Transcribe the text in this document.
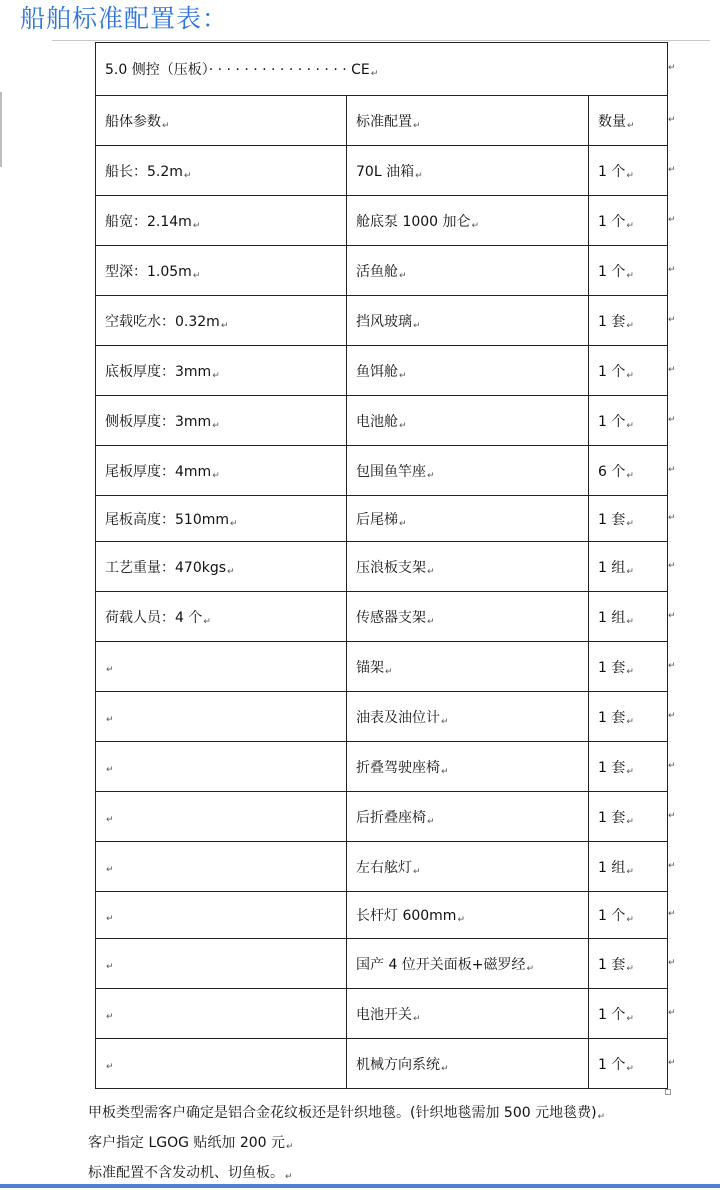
船舶标准配置表：
5.0 侧控（压板）· · · · · · · · · · · · · · · · CE↵		
船体参数↵	标准配置↵	数量↵
船长：5.2m↵	70L 油箱↵	1 个↵
船宽：2.14m↵	舱底泵 1000 加仑↵	1 个↵
型深：1.05m↵	活鱼舱↵	1 个↵
空载吃水：0.32m↵	挡风玻璃↵	1 套↵
底板厚度：3mm↵	鱼饵舱↵	1 个↵
侧板厚度：3mm↵	电池舱↵	1 个↵
尾板厚度：4mm↵	包围鱼竿座↵	6 个↵
尾板高度：510mm↵	后尾梯↵	1 套↵
工艺重量：470kgs↵	压浪板支架↵	1 组↵
荷载人员：4 个↵	传感器支架↵	1 组↵
↵	锚架↵	1 套↵
↵	油表及油位计↵	1 套↵
↵	折叠驾驶座椅↵	1 套↵
↵	后折叠座椅↵	1 套↵
↵	左右舷灯↵	1 组↵
↵	长杆灯 600mm↵	1 个↵
↵	国产 4 位开关面板+磁罗经↵	1 套↵
↵	电池开关↵	1 个↵
↵	机械方向系统↵	1 个↵
↵
↵
↵
↵
↵
↵
↵
↵
↵
↵
↵
↵
↵
↵
↵
↵
↵
↵
↵
↵
↵
甲板类型需客户确定是铝合金花纹板还是针织地毯。(针织地毯需加 500 元地毯费)↵
客户指定 LGOG 贴纸加 200 元↵
标准配置不含发动机、切鱼板。↵
